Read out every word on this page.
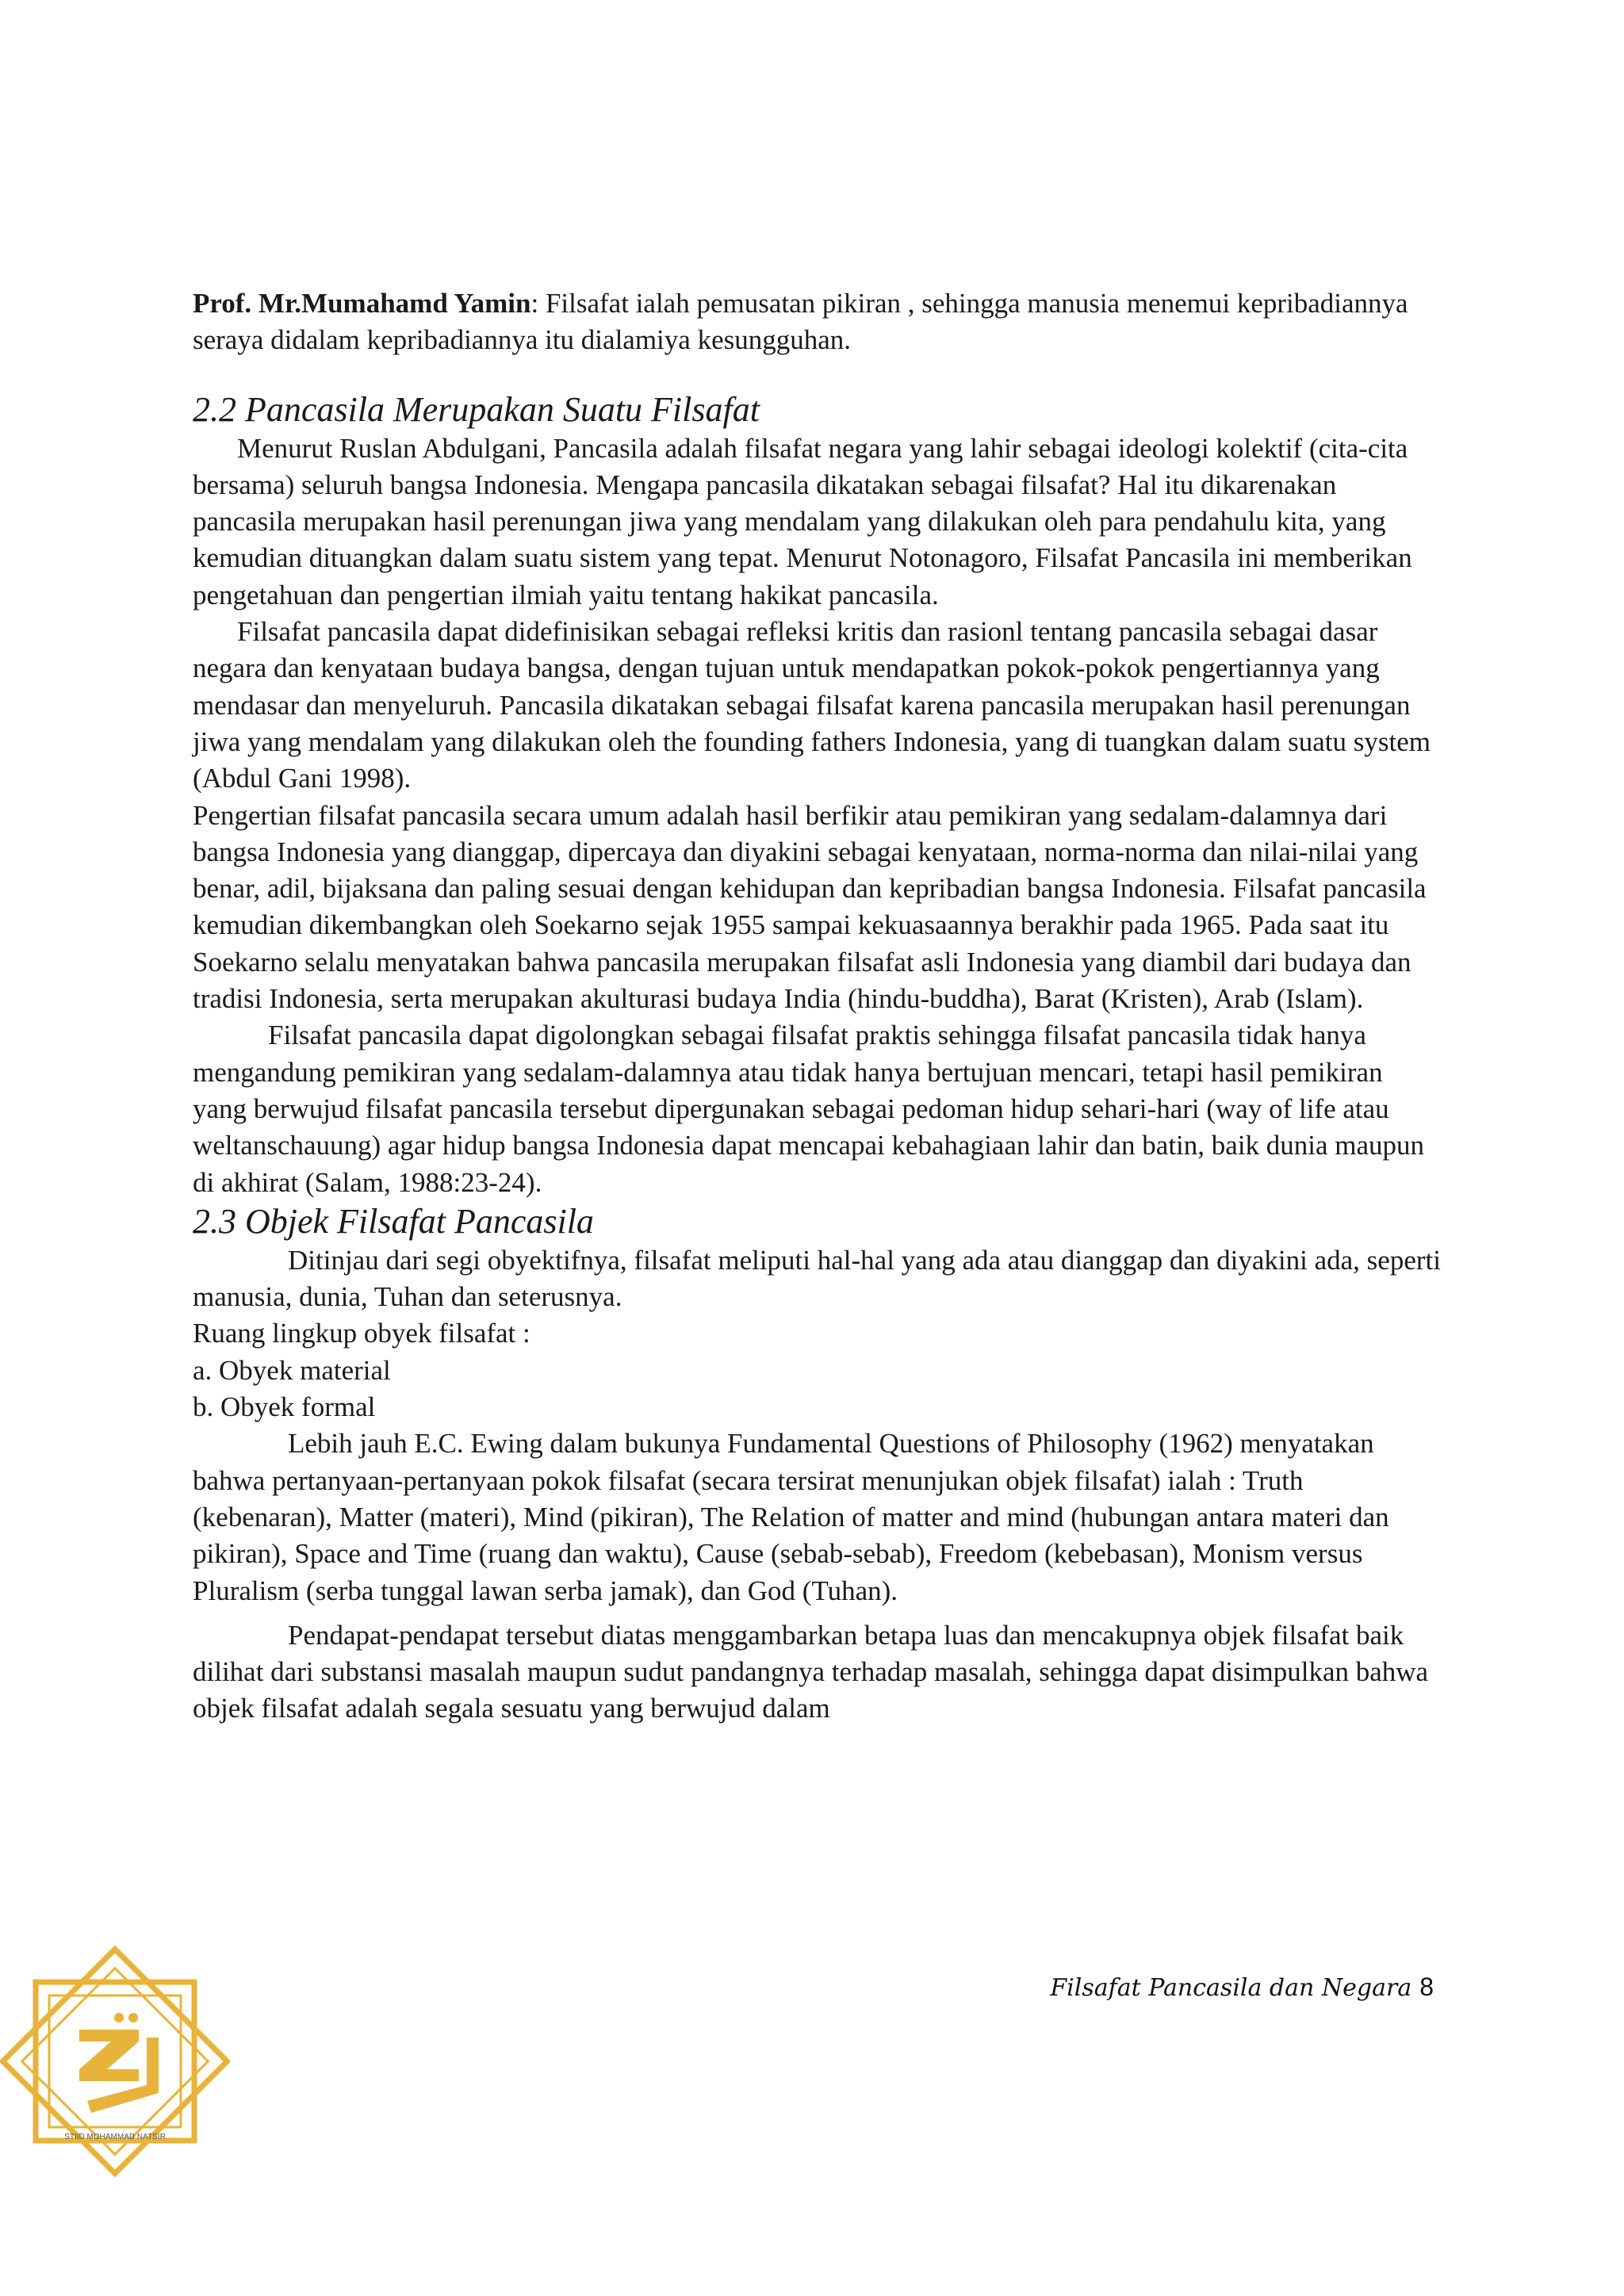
Prof. Mr.Mumahamd Yamin: Filsafat ialah pemusatan pikiran , sehingga manusia menemui kepribadiannya seraya didalam kepribadiannya itu dialamiya kesungguhan.

2.2 Pancasila Merupakan Suatu Filsafat

Menurut Ruslan Abdulgani, Pancasila adalah filsafat negara yang lahir sebagai ideologi kolektif (cita-cita bersama) seluruh bangsa Indonesia. Mengapa pancasila dikatakan sebagai filsafat? Hal itu dikarenakan pancasila merupakan hasil perenungan jiwa yang mendalam yang dilakukan oleh para pendahulu kita, yang kemudian dituangkan dalam suatu sistem yang tepat. Menurut Notonagoro, Filsafat Pancasila ini memberikan pengetahuan dan pengertian ilmiah yaitu tentang hakikat pancasila.

Filsafat pancasila dapat didefinisikan sebagai refleksi kritis dan rasionl tentang pancasila sebagai dasar negara dan kenyataan budaya bangsa, dengan tujuan untuk mendapatkan pokok-pokok pengertiannya yang mendasar dan menyeluruh. Pancasila dikatakan sebagai filsafat karena pancasila merupakan hasil perenungan jiwa yang mendalam yang dilakukan oleh the founding fathers Indonesia, yang di tuangkan dalam suatu system (Abdul Gani 1998).

Pengertian filsafat pancasila secara umum adalah hasil berfikir atau pemikiran yang sedalam-dalamnya dari bangsa Indonesia yang dianggap, dipercaya dan diyakini sebagai kenyataan, norma-norma dan nilai-nilai yang benar, adil, bijaksana dan paling sesuai dengan kehidupan dan kepribadian bangsa Indonesia. Filsafat pancasila kemudian dikembangkan oleh Soekarno sejak 1955 sampai kekuasaannya berakhir pada 1965. Pada saat itu Soekarno selalu menyatakan bahwa pancasila merupakan filsafat asli Indonesia yang diambil dari budaya dan tradisi Indonesia, serta merupakan akulturasi budaya India (hindu-buddha), Barat (Kristen), Arab (Islam).

Filsafat pancasila dapat digolongkan sebagai filsafat praktis sehingga filsafat pancasila tidak hanya mengandung pemikiran yang sedalam-dalamnya atau tidak hanya bertujuan mencari, tetapi hasil pemikiran yang berwujud filsafat pancasila tersebut dipergunakan sebagai pedoman hidup sehari-hari (way of life atau weltanschauung) agar hidup bangsa Indonesia dapat mencapai kebahagiaan lahir dan batin, baik dunia maupun di akhirat (Salam, 1988:23-24).

2.3 Objek Filsafat Pancasila

Ditinjau dari segi obyektifnya, filsafat meliputi hal-hal yang ada atau dianggap dan diyakini ada, seperti manusia, dunia, Tuhan dan seterusnya.

Ruang lingkup obyek filsafat :

a. Obyek material

b. Obyek formal

Lebih jauh E.C. Ewing dalam bukunya Fundamental Questions of Philosophy (1962) menyatakan bahwa pertanyaan-pertanyaan pokok filsafat (secara tersirat menunjukan objek filsafat) ialah : Truth (kebenaran), Matter (materi), Mind (pikiran), The Relation of matter and mind (hubungan antara materi dan pikiran), Space and Time (ruang dan waktu), Cause (sebab-sebab), Freedom (kebebasan), Monism versus Pluralism (serba tunggal lawan serba jamak), dan God (Tuhan).

Pendapat-pendapat tersebut diatas menggambarkan betapa luas dan mencakupnya objek filsafat baik dilihat dari substansi masalah maupun sudut pandangnya terhadap masalah, sehingga dapat disimpulkan bahwa objek filsafat adalah segala sesuatu yang berwujud dalam

Filsafat Pancasila dan Negara 8
STIID MOHAMMAD NATSIR
